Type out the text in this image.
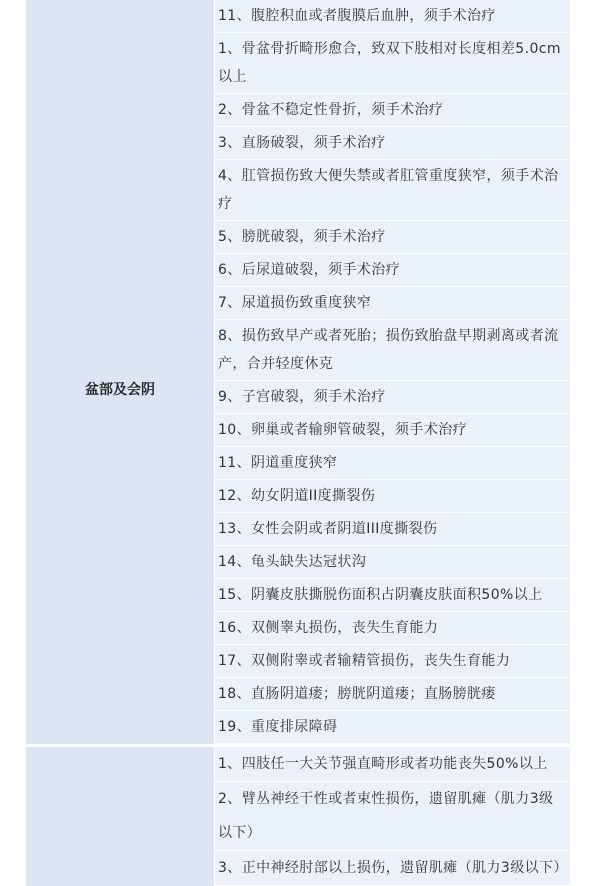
11、腹腔积血或者腹膜后血肿，须手术治疗
盆部及会阴
1、骨盆骨折畸形愈合，致双下肢相对长度相差5.0cm以上
2、骨盆不稳定性骨折，须手术治疗
3、直肠破裂，须手术治疗
4、肛管损伤致大便失禁或者肛管重度狭窄，须手术治疗
5、膀胱破裂，须手术治疗
6、后尿道破裂，须手术治疗
7、尿道损伤致重度狭窄
8、损伤致早产或者死胎；损伤致胎盘早期剥离或者流产，合并轻度休克
9、子宫破裂，须手术治疗
10、卵巢或者输卵管破裂，须手术治疗
11、阴道重度狭窄
12、幼女阴道II度撕裂伤
13、女性会阴或者阴道III度撕裂伤
14、龟头缺失达冠状沟
15、阴囊皮肤撕脱伤面积占阴囊皮肤面积50%以上
16、双侧睾丸损伤，丧失生育能力
17、双侧附睾或者输精管损伤，丧失生育能力
18、直肠阴道瘘；膀胱阴道瘘；直肠膀胱瘘
19、重度排尿障碍
1、四肢任一大关节强直畸形或者功能丧失50%以上
2、臂丛神经干性或者束性损伤，遗留肌瘫（肌力3级以下）
3、正中神经肘部以上损伤，遗留肌瘫（肌力3级以下）
